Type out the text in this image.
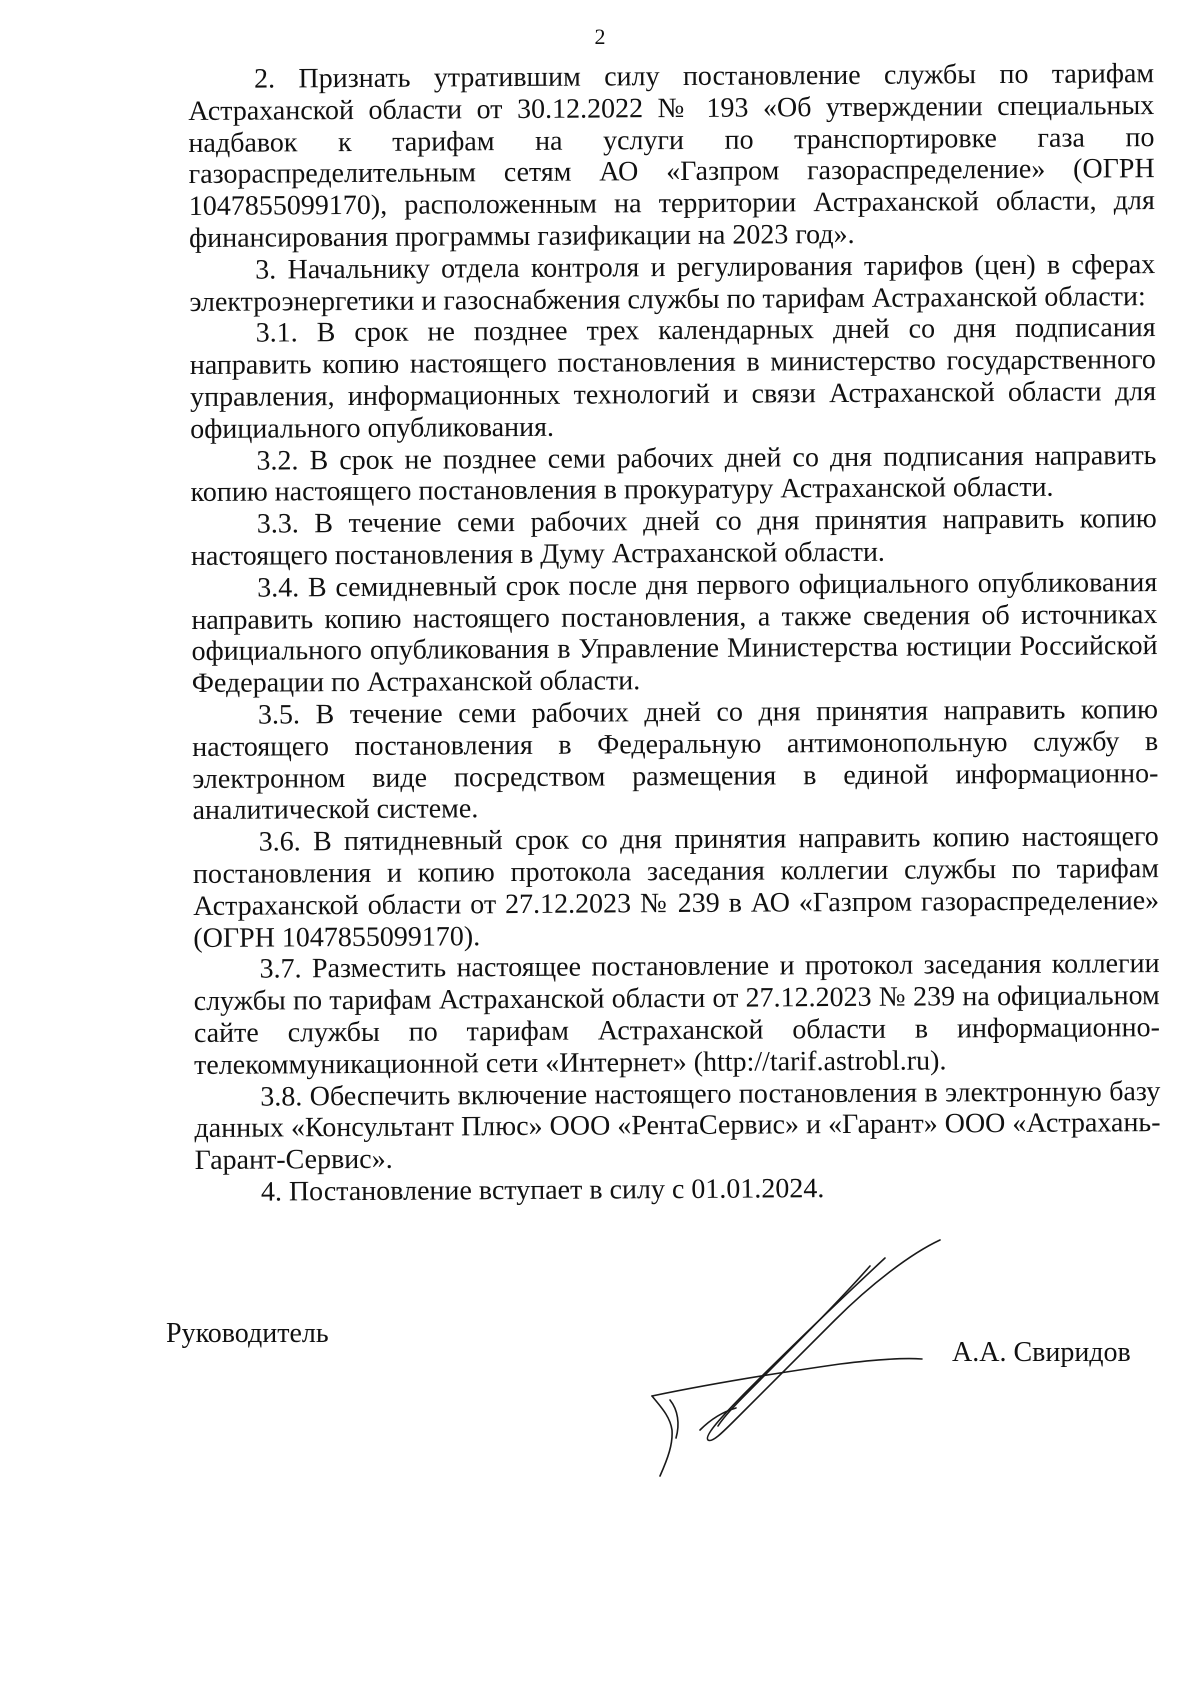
2

2. Признать утратившим силу постановление службы по тарифам Астраханской области от 30.12.2022 № 193 «Об утверждении специальных надбавок к тарифам на услуги по транспортировке газа по газораспределительным сетям АО «Газпром газораспределение» (ОГРН 1047855099170), расположенным на территории Астраханской области, для финансирования программы газификации на 2023 год».

3. Начальнику отдела контроля и регулирования тарифов (цен) в сферах электроэнергетики и газоснабжения службы по тарифам Астраханской области:

3.1. В срок не позднее трех календарных дней со дня подписания направить копию настоящего постановления в министерство государственного управления, информационных технологий и связи Астраханской области для официального опубликования.

3.2. В срок не позднее семи рабочих дней со дня подписания направить копию настоящего постановления в прокуратуру Астраханской области.

3.3. В течение семи рабочих дней со дня принятия направить копию настоящего постановления в Думу Астраханской области.

3.4. В семидневный срок после дня первого официального опубликования направить копию настоящего постановления, а также сведения об источниках официального опубликования в Управление Министерства юстиции Российской Федерации по Астраханской области.

3.5. В течение семи рабочих дней со дня принятия направить копию настоящего постановления в Федеральную антимонопольную службу в электронном виде посредством размещения в единой информационно-аналитической системе.

3.6. В пятидневный срок со дня принятия направить копию настоящего постановления и копию протокола заседания коллегии службы по тарифам Астраханской области от 27.12.2023 № 239 в АО «Газпром газораспределение» (ОГРН 1047855099170).

3.7. Разместить настоящее постановление и протокол заседания коллегии службы по тарифам Астраханской области от 27.12.2023 № 239 на официальном сайте службы по тарифам Астраханской области в информационно-телекоммуникационной сети «Интернет» (http://tarif.astrobl.ru).

3.8. Обеспечить включение настоящего постановления в электронную базу данных «Консультант Плюс» ООО «РентаСервис» и «Гарант» ООО «Астрахань-Гарант-Сервис».

4. Постановление вступает в силу с 01.01.2024.

Руководитель
А.А. Свиридов
